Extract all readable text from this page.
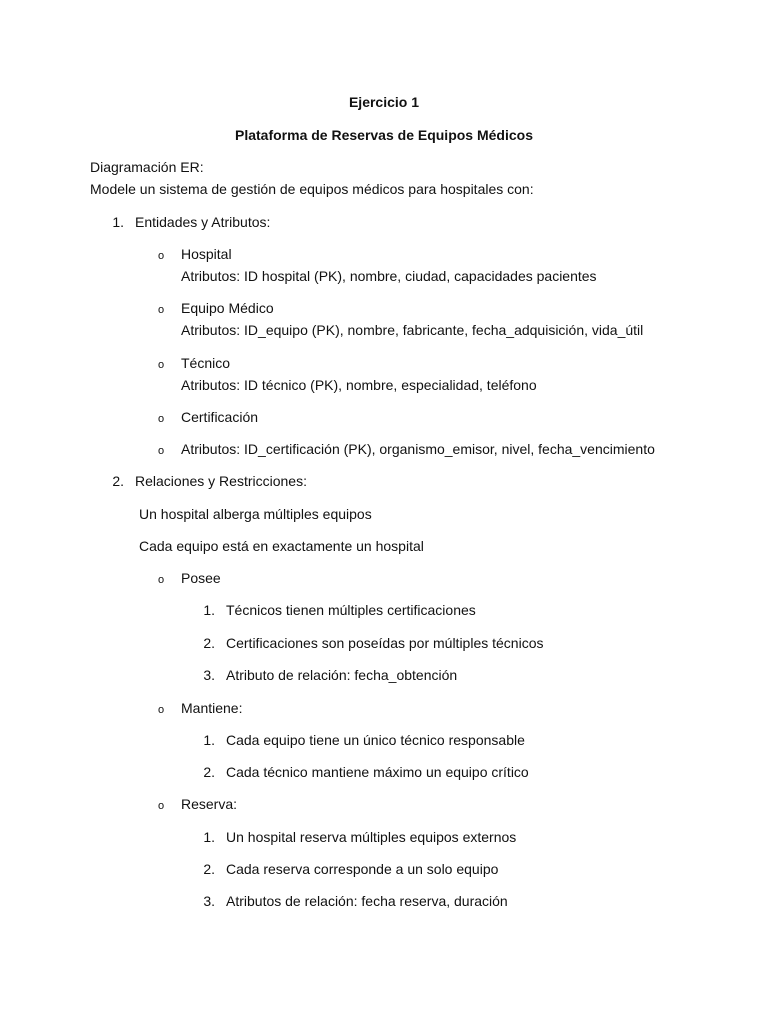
Ejercicio 1
Plataforma de Reservas de Equipos Médicos
Diagramación ER:
Modele un sistema de gestión de equipos médicos para hospitales con:
1. Entidades y Atributos:
o Hospital
Atributos: ID hospital (PK), nombre, ciudad, capacidades pacientes
o Equipo Médico
Atributos: ID_equipo (PK), nombre, fabricante, fecha_adquisición, vida_útil
o Técnico
Atributos: ID técnico (PK), nombre, especialidad, teléfono
o Certificación
o Atributos: ID_certificación (PK), organismo_emisor, nivel, fecha_vencimiento
2. Relaciones y Restricciones:
Un hospital alberga múltiples equipos
Cada equipo está en exactamente un hospital
o Posee
1. Técnicos tienen múltiples certificaciones
2. Certificaciones son poseídas por múltiples técnicos
3. Atributo de relación: fecha_obtención
o Mantiene:
1. Cada equipo tiene un único técnico responsable
2. Cada técnico mantiene máximo un equipo crítico
o Reserva:
1. Un hospital reserva múltiples equipos externos
2. Cada reserva corresponde a un solo equipo
3. Atributos de relación: fecha reserva, duración
